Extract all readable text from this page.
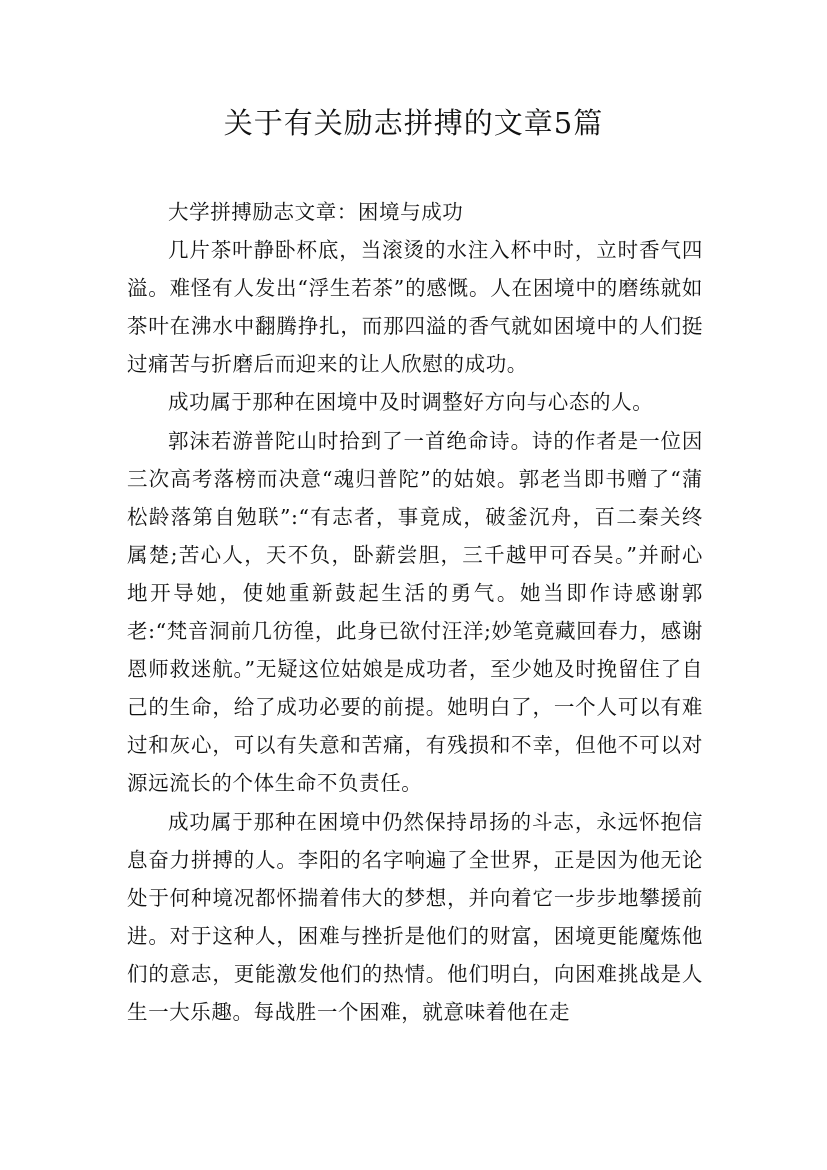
关于有关励志拼搏的文章5篇

大学拼搏励志文章：困境与成功

几片茶叶静卧杯底，当滚烫的水注入杯中时，立时香气四溢。难怪有人发出“浮生若茶”的感慨。人在困境中的磨练就如茶叶在沸水中翻腾挣扎，而那四溢的香气就如困境中的人们挺过痛苦与折磨后而迎来的让人欣慰的成功。

成功属于那种在困境中及时调整好方向与心态的人。

郭沫若游普陀山时拾到了一首绝命诗。诗的作者是一位因三次高考落榜而决意“魂归普陀”的姑娘。郭老当即书赠了“蒲松龄落第自勉联”:“有志者，事竟成，破釜沉舟，百二秦关终属楚;苦心人，天不负，卧薪尝胆，三千越甲可吞吴。”并耐心地开导她，使她重新鼓起生活的勇气。她当即作诗感谢郭老:“梵音洞前几彷徨，此身已欲付汪洋;妙笔竟藏回春力，感谢恩师救迷航。”无疑这位姑娘是成功者，至少她及时挽留住了自己的生命，给了成功必要的前提。她明白了，一个人可以有难过和灰心，可以有失意和苦痛，有残损和不幸，但他不可以对源远流长的个体生命不负责任。

成功属于那种在困境中仍然保持昂扬的斗志，永远怀抱信息奋力拼搏的人。李阳的名字响遍了全世界，正是因为他无论处于何种境况都怀揣着伟大的梦想，并向着它一步步地攀援前进。对于这种人，困难与挫折是他们的财富，困境更能魔炼他们的意志，更能激发他们的热情。他们明白，向困难挑战是人生一大乐趣。每战胜一个困难，就意味着他在走
